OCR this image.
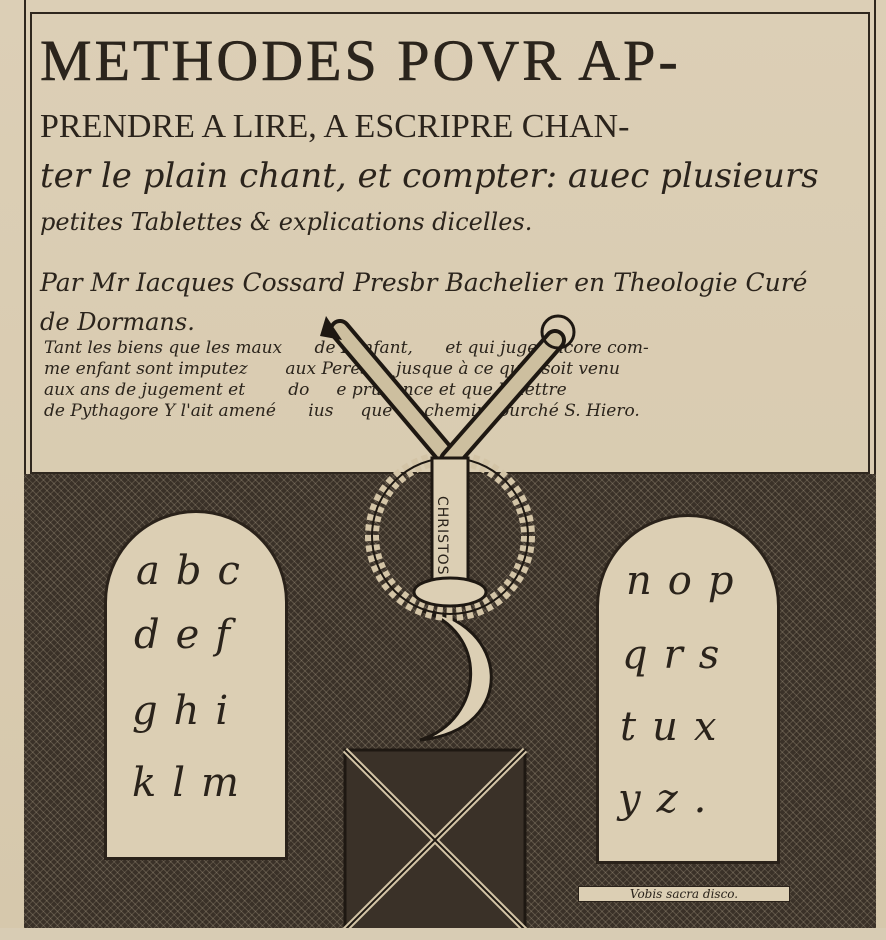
METHODES POVR AP-
PRENDRE A LIRE, A ESCRIPRE CHAN-
ter le plain chant, et compter: auec plusieurs
petites Tablettes & explications dicelles.
Par Mr Iacques Cossard Presbr Bachelier en Theologie Curé
de Dormans.
Tant les biens que les maux      de Lenfant,      et qui juge encore com-
me enfant sont imputez       aux Peres     jusque à ce qu'il soit venu
aux ans de jugement et        do     e prudence et que la lettre
de Pythagore Y l'ait amené      ius     que au chemin fourché S. Hiero.
abc
def
ghi
klm
nop
qrs
tux
yz.
CHRISTOS
Vobis sacra disco.
